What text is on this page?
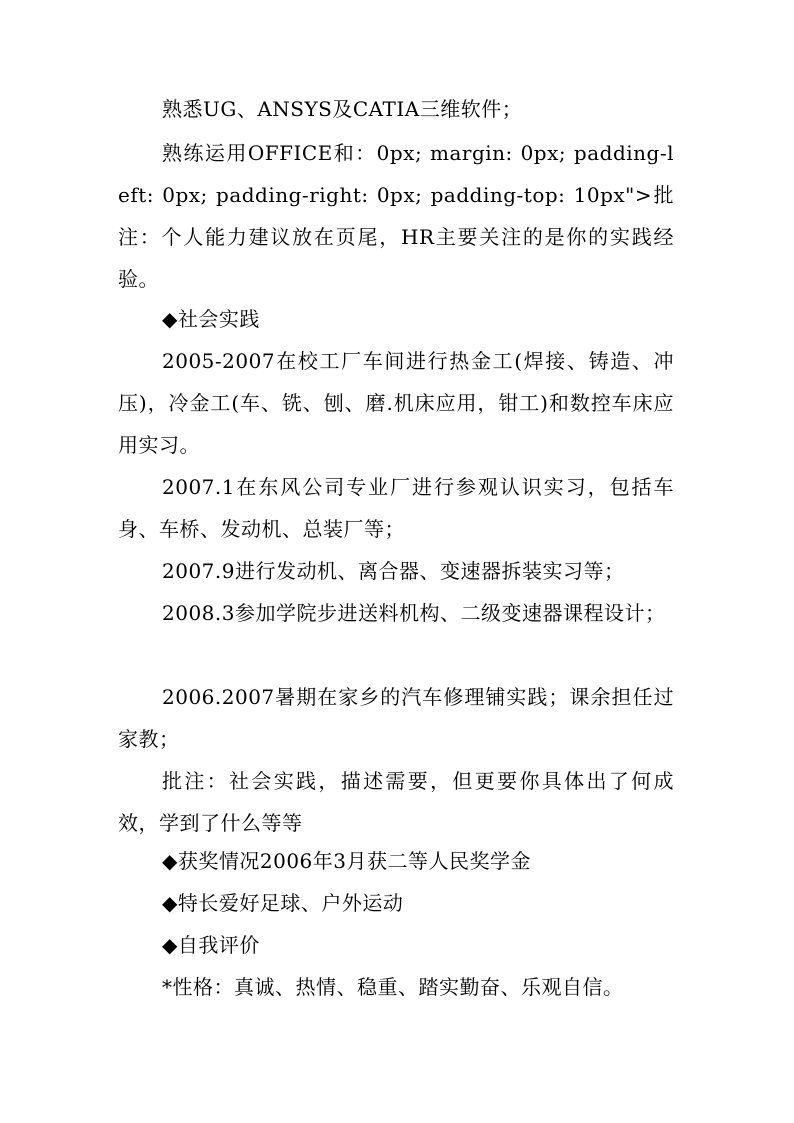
熟悉UG、ANSYS及CATIA三维软件；

熟练运用OFFICE和：0px; margin: 0px; padding-left: 0px; padding-right: 0px; padding-top: 10px">批注：个人能力建议放在页尾，HR主要关注的是你的实践经验。

◆社会实践

2005-2007在校工厂车间进行热金工(焊接、铸造、冲压)，冷金工(车、铣、刨、磨.机床应用，钳工)和数控车床应用实习。

2007.1在东风公司专业厂进行参观认识实习，包括车身、车桥、发动机、总装厂等；

2007.9进行发动机、离合器、变速器拆装实习等；

2008.3参加学院步进送料机构、二级变速器课程设计；

2006.2007暑期在家乡的汽车修理铺实践；课余担任过家教；

批注：社会实践，描述需要，但更要你具体出了何成效，学到了什么等等

◆获奖情况2006年3月获二等人民奖学金

◆特长爱好足球、户外运动

◆自我评价

*性格：真诚、热情、稳重、踏实勤奋、乐观自信。
